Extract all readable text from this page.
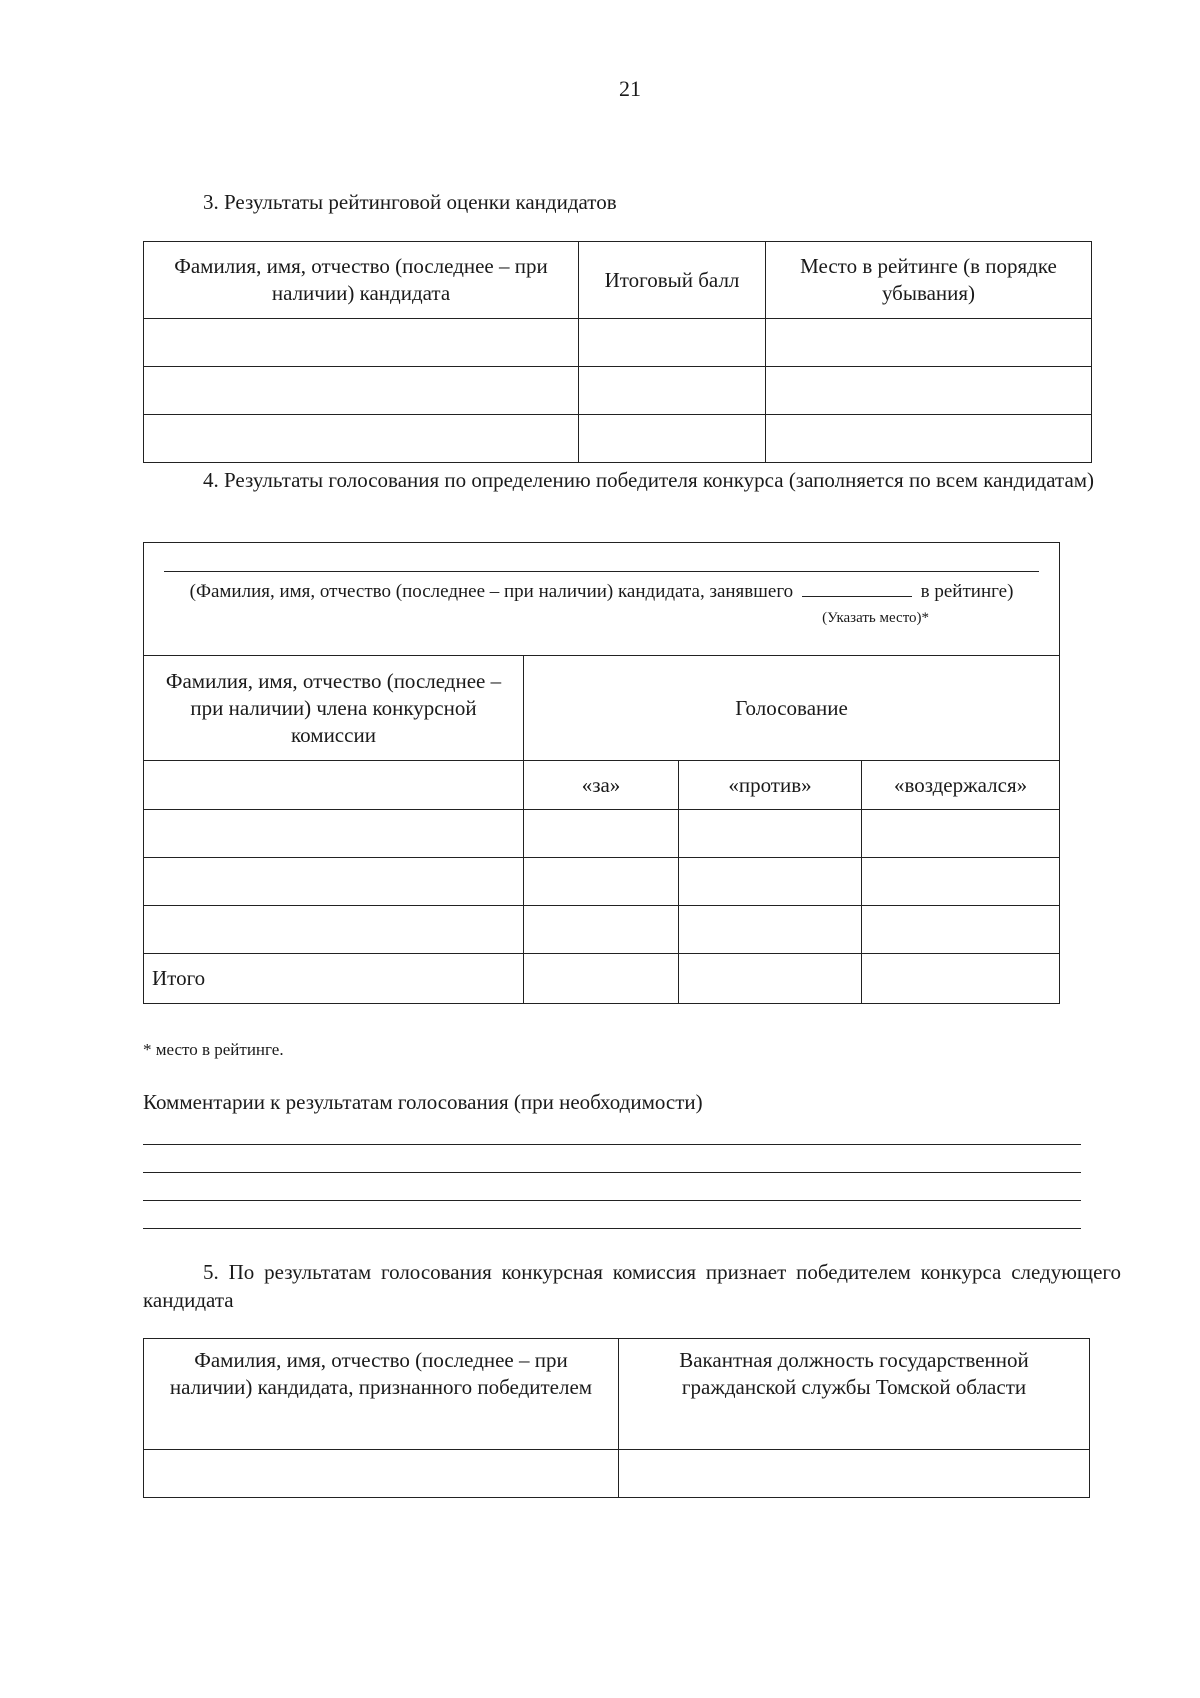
21
3. Результаты рейтинговой оценки кандидатов
Фамилия, имя, отчество (последнее – при наличии) кандидата	Итоговый балл	Место в рейтинге (в порядке убывания)

4. Результаты голосования по определению победителя конкурса (заполняется по всем кандидатам)
(Фамилия, имя, отчество (последнее – при наличии) кандидата, занявшего в рейтинге)
(Указать место)*			

Фамилия, имя, отчество (последнее – при наличии) члена конкурсной комиссии	Голосование		
	«за»	«против»	«воздержался»

Итого			
* место в рейтинге.
Комментарии к результатам голосования (при необходимости)
5. По результатам голосования конкурсная комиссия признает победителем конкурса следующего кандидата
Фамилия, имя, отчество (последнее – при наличии) кандидата, признанного победителем	Вакантная должность государственной гражданской службы Томской области
